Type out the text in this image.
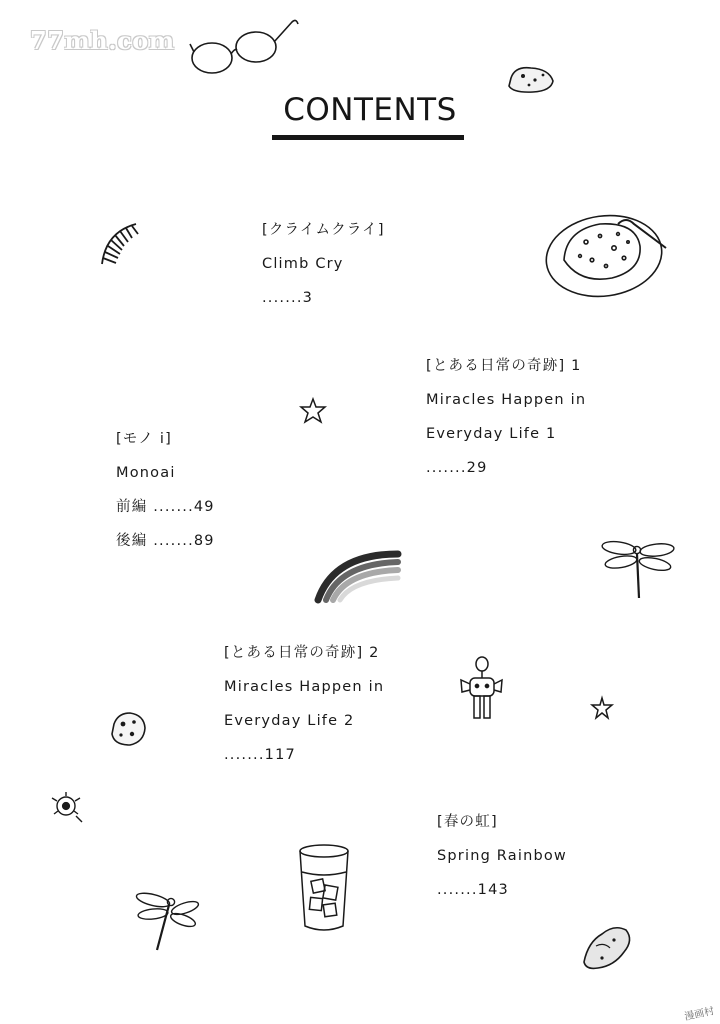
77mh.com
CONTENTS
[クライムクライ]
Climb Cry
.......3
[とある日常の奇跡] 1
Miracles Happen in
Everyday Life 1
.......29
[モノ i]
Monoai
前編 .......49
後編 .......89
[とある日常の奇跡] 2
Miracles Happen in
Everyday Life 2
.......117
[春の虹]
Spring Rainbow
.......143
漫画村
